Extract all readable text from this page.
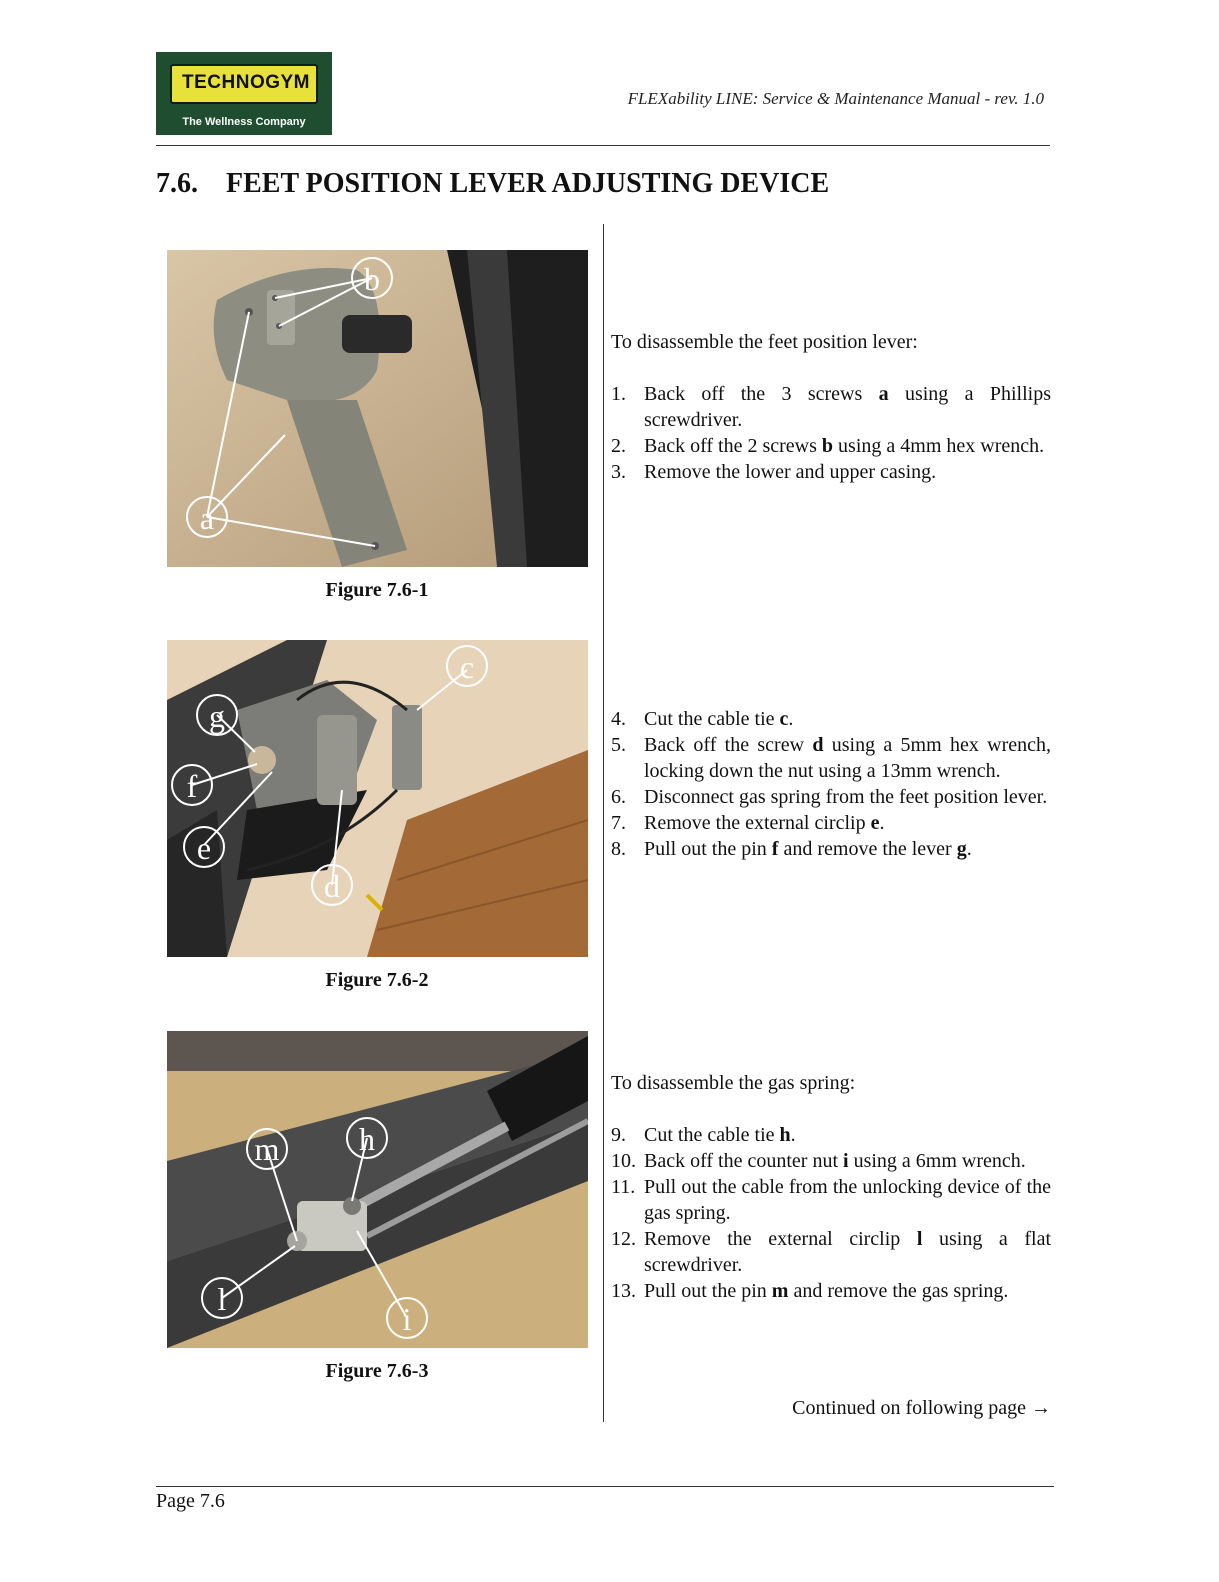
TECHNOGYM
The Wellness Company
FLEXability LINE: Service & Maintenance Manual - rev. 1.0
7.6. FEET POSITION LEVER ADJUSTING DEVICE
a
b
Figure 7.6-1
c
d
e
f
g
Figure 7.6-2
m h
l
i
Figure 7.6-3
To disassemble the feet position lever:
1. Back off the 3 screws a using a Phillips screwdriver.
2. Back off the 2 screws b using a 4mm hex wrench.
3. Remove the lower and upper casing.
4. Cut the cable tie c.
5. Back off the screw d using a 5mm hex wrench, locking down the nut using a 13mm wrench.
6. Disconnect gas spring from the feet position lever.
7. Remove the external circlip e.
8. Pull out the pin f and remove the lever g.
To disassemble the gas spring:
9. Cut the cable tie h.
10. Back off the counter nut i using a 6mm wrench.
11. Pull out the cable from the unlocking device of the gas spring.
12. Remove the external circlip l using a flat screwdriver.
13. Pull out the pin m and remove the gas spring.
Continued on following page →
Page 7.6
